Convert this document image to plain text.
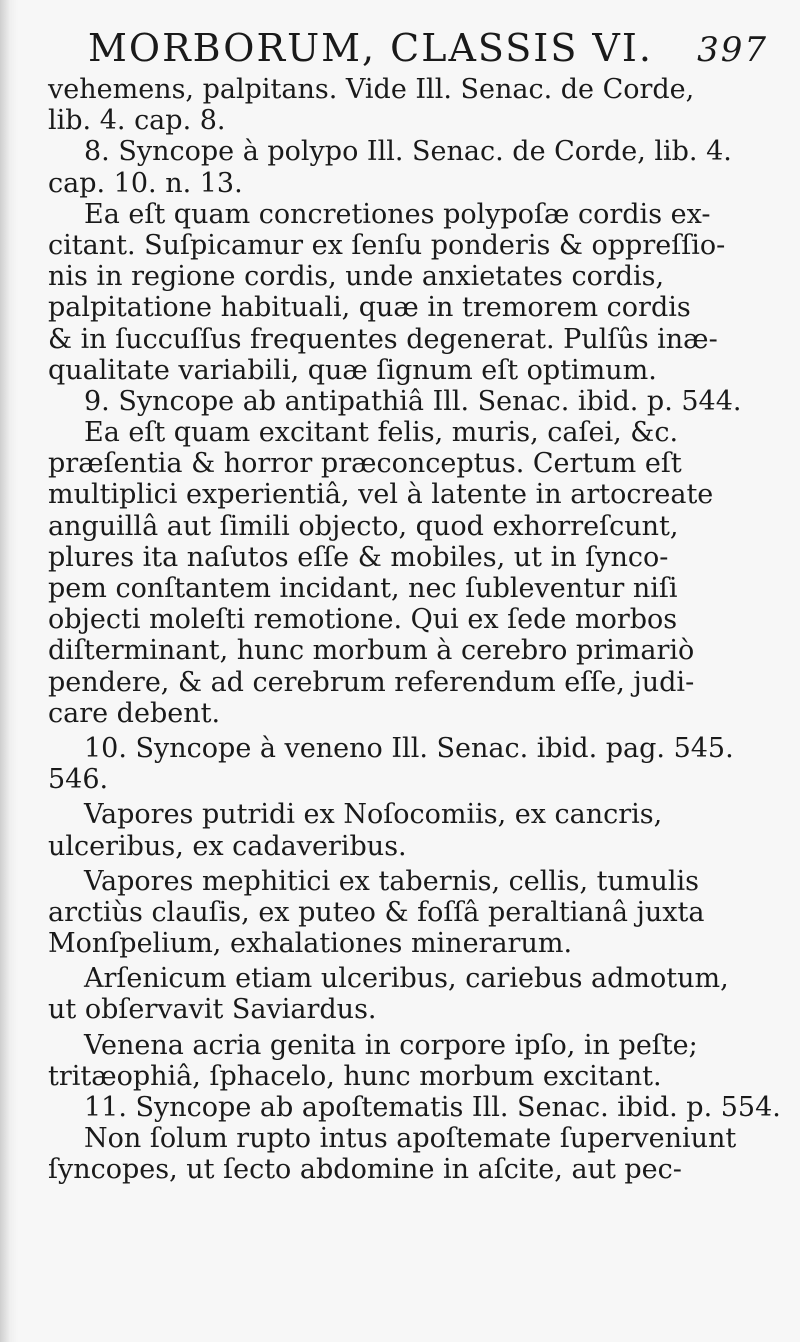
MORBORUM, CLASSIS VI. 397
vehemens, palpitans. Vide Ill. Senac. de Corde,
lib. 4. cap. 8.
8. Syncope à polypo Ill. Senac. de Corde, lib. 4.
cap. 10. n. 13.
Ea eſt quam concretiones polypoſæ cordis ex-
citant. Suſpicamur ex ſenſu ponderis & oppreſſio-
nis in regione cordis, unde anxietates cordis,
palpitatione habituali, quæ in tremorem cordis
& in ſuccuſſus frequentes degenerat. Pulſûs inæ-
qualitate variabili, quæ ſignum eſt optimum.
9. Syncope ab antipathiâ Ill. Senac. ibid. p. 544.
Ea eſt quam excitant felis, muris, caſei, &c.
præſentia & horror præconceptus. Certum eſt
multiplici experientiâ, vel à latente in artocreate
anguillâ aut ſimili objecto, quod exhorreſcunt,
plures ita naſutos eſſe & mobiles, ut in ſynco-
pem conſtantem incidant, nec ſubleventur niſi
objecti moleſti remotione. Qui ex ſede morbos
diſterminant, hunc morbum à cerebro primariò
pendere, & ad cerebrum referendum eſſe, judi-
care debent.
10. Syncope à veneno Ill. Senac. ibid. pag. 545.
546.
Vapores putridi ex Noſocomiis, ex cancris,
ulceribus, ex cadaveribus.
Vapores mephitici ex tabernis, cellis, tumulis
arctiùs clauſis, ex puteo & foſſâ peraltianâ juxta
Monſpelium, exhalationes minerarum.
Arſenicum etiam ulceribus, cariebus admotum,
ut obſervavit Saviardus.
Venena acria genita in corpore ipſo, in peſte;
tritæophiâ, ſphacelo, hunc morbum excitant.
11. Syncope ab apoſtematis Ill. Senac. ibid. p. 554.
Non ſolum rupto intus apoſtemate ſuperveniunt
ſyncopes, ut ſecto abdomine in aſcite, aut pec-
